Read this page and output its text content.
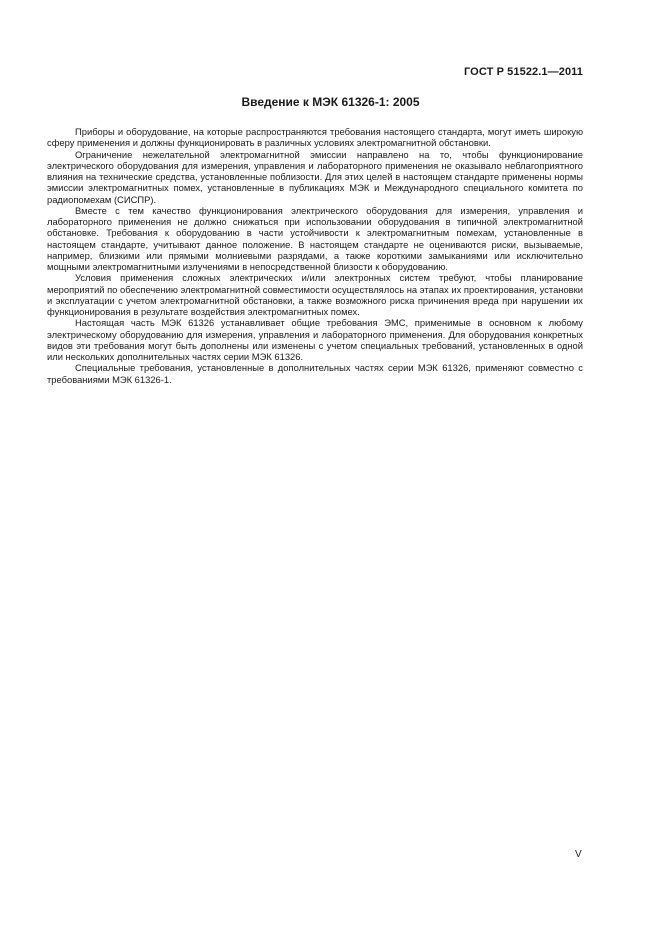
ГОСТ Р 51522.1—2011
Введение к МЭК 61326-1: 2005

Приборы и оборудование, на которые распространяются требования настоящего стандарта, могут иметь широкую сферу применения и должны функционировать в различных условиях электромагнитной обстановки.

Ограничение нежелательной электромагнитной эмиссии направлено на то, чтобы функционирование электрического оборудования для измерения, управления и лабораторного применения не оказывало неблагоприятного влияния на технические средства, установленные поблизости. Для этих целей в настоящем стандарте применены нормы эмиссии электромагнитных помех, установленные в публикациях МЭК и Международного специального комитета по радиопомехам (СИСПР).

Вместе с тем качество функционирования электрического оборудования для измерения, управления и лабораторного применения не должно снижаться при использовании оборудования в типичной электромагнитной обстановке. Требования к оборудованию в части устойчивости к электромагнитным помехам, установленные в настоящем стандарте, учитывают данное положение. В настоящем стандарте не оцениваются риски, вызываемые, например, близкими или прямыми молниевыми разрядами, а также короткими замыканиями или исключительно мощными электромагнитными излучениями в непосредственной близости к оборудованию.

Условия применения сложных электрических и/или электронных систем требуют, чтобы планирование мероприятий по обеспечению электромагнитной совместимости осуществлялось на этапах их проектирования, установки и эксплуатации с учетом электромагнитной обстановки, а также возможного риска причинения вреда при нарушении их функционирования в результате воздействия электромагнитных помех.

Настоящая часть МЭК 61326 устанавливает общие требования ЭМС, применимые в основном к любому электрическому оборудованию для измерения, управления и лабораторного применения. Для оборудования конкретных видов эти требования могут быть дополнены или изменены с учетом специальных требований, установленных в одной или нескольких дополнительных частях серии МЭК 61326.

Специальные требования, установленные в дополнительных частях серии МЭК 61326, применяют совместно с требованиями МЭК 61326-1.

V
